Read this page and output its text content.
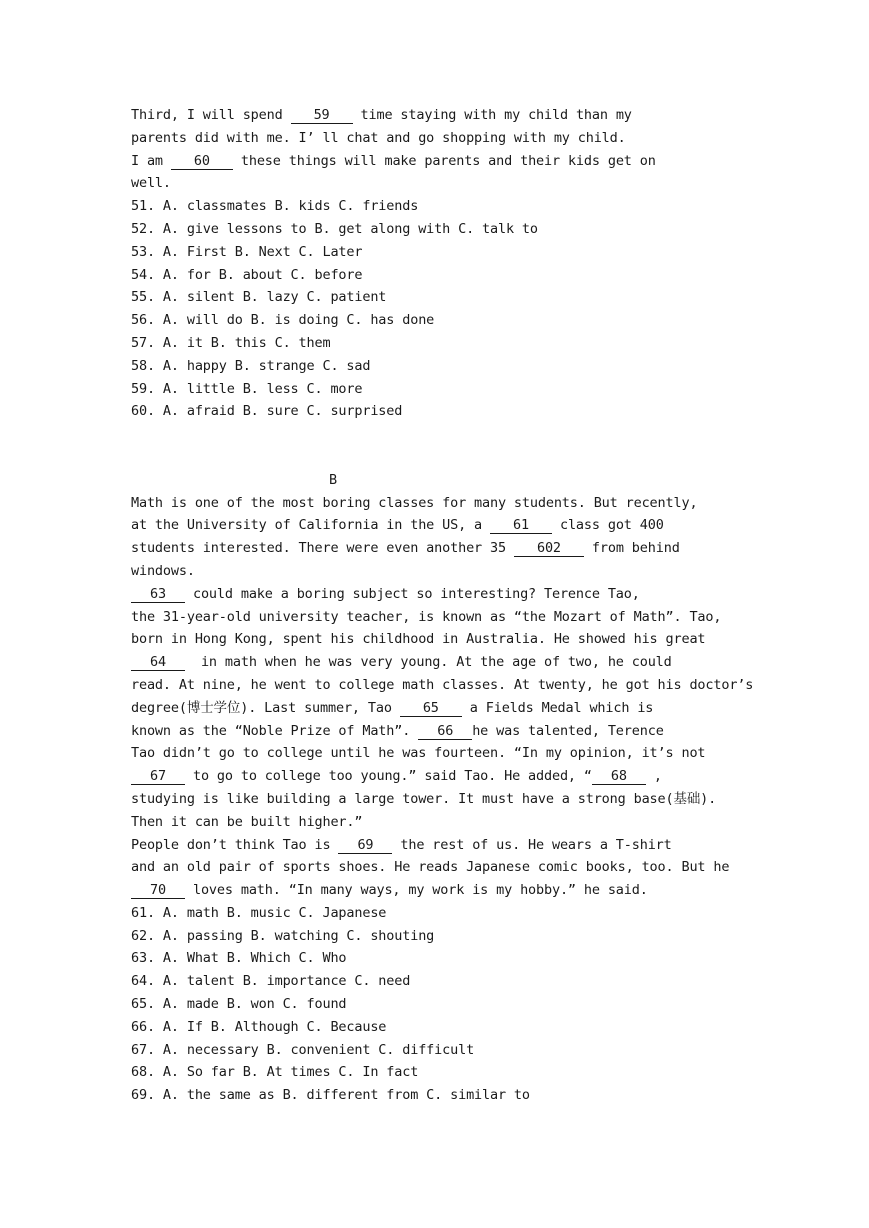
Third, I will spend 59 time staying with my child than my
parents did with me. I’ ll chat and go shopping with my child.
I am 60 these things will make parents and their kids get on
well.
51. A. classmates B. kids C. friends
52. A. give lessons to B. get along with C. talk to
53. A. First B. Next C. Later
54. A. for B. about C. before
55. A. silent B. lazy C. patient
56. A. will do B. is doing C. has done
57. A. it B. this C. them
58. A. happy B. strange C. sad
59. A. little B. less C. more
60. A. afraid B. sure C. surprised
B
Math is one of the most boring classes for many students. But recently,
at the University of California in the US, a 61 class got 400
students interested. There were even another 35 602 from behind
windows.
63 could make a boring subject so interesting? Terence Tao,
the 31-year-old university teacher, is known as “the Mozart of Math”. Tao,
born in Hong Kong, spent his childhood in Australia. He showed his great
64  in math when he was very young. At the age of two, he could
read. At nine, he went to college math classes. At twenty, he got his doctor’s
degree(博士学位). Last summer, Tao 65 a Fields Medal which is
known as the “Noble Prize of Math”. 66 he was talented, Terence
Tao didn’t go to college until he was fourteen. “In my opinion, it’s not
67 to go to college too young.” said Tao. He added, “ 68 ,
studying is like building a large tower. It must have a strong base(基础).
Then it can be built higher.”
People don’t think Tao is 69 the rest of us. He wears a T-shirt
and an old pair of sports shoes. He reads Japanese comic books, too. But he
70 loves math. “In many ways, my work is my hobby.” he said.
61. A. math B. music C. Japanese
62. A. passing B. watching C. shouting
63. A. What B. Which C. Who
64. A. talent B. importance C. need
65. A. made B. won C. found
66. A. If B. Although C. Because
67. A. necessary B. convenient C. difficult
68. A. So far B. At times C. In fact
69. A. the same as B. different from C. similar to
